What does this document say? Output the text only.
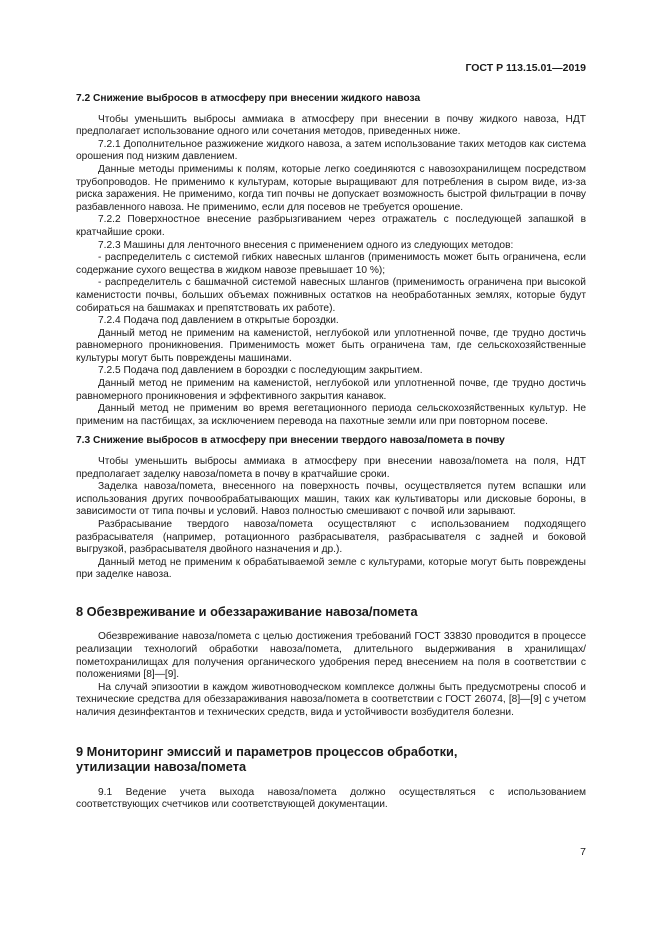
ГОСТ Р 113.15.01—2019
7.2 Снижение выбросов в атмосферу при внесении жидкого навоза

Чтобы уменьшить выбросы аммиака в атмосферу при внесении в почву жидкого навоза, НДТ предполагает использование одного или сочетания методов, приведенных ниже.

7.2.1 Дополнительное разжижение жидкого навоза, а затем использование таких методов как система орошения под низким давлением.

Данные методы применимы к полям, которые легко соединяются с навозохранилищем посредством трубопроводов. Не применимо к культурам, которые выращивают для потребления в сыром виде, из-за риска заражения. Не применимо, когда тип почвы не допускает возможность быстрой фильтрации в почву разбавленного навоза. Не применимо, если для посевов не требуется орошение.

7.2.2 Поверхностное внесение разбрызгиванием через отражатель с последующей запашкой в кратчайшие сроки.

7.2.3 Машины для ленточного внесения с применением одного из следующих методов:

- распределитель с системой гибких навесных шлангов (применимость может быть ограничена, если содержание сухого вещества в жидком навозе превышает 10 %);

- распределитель с башмачной системой навесных шлангов (применимость ограничена при высокой каменистости почвы, больших объемах пожнивных остатков на необработанных землях, которые будут собираться на башмаках и препятствовать их работе).

7.2.4 Подача под давлением в открытые бороздки.

Данный метод не применим на каменистой, неглубокой или уплотненной почве, где трудно достичь равномерного проникновения. Применимость может быть ограничена там, где сельскохозяйственные культуры могут быть повреждены машинами.

7.2.5 Подача под давлением в бороздки с последующим закрытием.

Данный метод не применим на каменистой, неглубокой или уплотненной почве, где трудно достичь равномерного проникновения и эффективного закрытия канавок.

Данный метод не применим во время вегетационного периода сельскохозяйственных культур. Не применим на пастбищах, за исключением перевода на пахотные земли или при повторном посеве.

7.3 Снижение выбросов в атмосферу при внесении твердого навоза/помета в почву

Чтобы уменьшить выбросы аммиака в атмосферу при внесении навоза/помета на поля, НДТ предполагает заделку навоза/помета в почву в кратчайшие сроки.

Заделка навоза/помета, внесенного на поверхность почвы, осуществляется путем вспашки или использования других почвообрабатывающих машин, таких как культиваторы или дисковые бороны, в зависимости от типа почвы и условий. Навоз полностью смешивают с почвой или зарывают.

Разбрасывание твердого навоза/помета осуществляют с использованием подходящего разбрасывателя (например, ротационного разбрасывателя, разбрасывателя с задней и боковой выгрузкой, разбрасывателя двойного назначения и др.).

Данный метод не применим к обрабатываемой земле с культурами, которые могут быть повреждены при заделке навоза.

8 Обезвреживание и обеззараживание навоза/помета

Обезвреживание навоза/помета с целью достижения требований ГОСТ 33830 проводится в процессе реализации технологий обработки навоза/помета, длительного выдерживания в хранилищах/пометохранилищах для получения органического удобрения перед внесением на поля в соответствии с положениями [8]—[9].

На случай эпизоотии в каждом животноводческом комплексе должны быть предусмотрены способ и технические средства для обеззараживания навоза/помета в соответствии с ГОСТ 26074, [8]—[9] с учетом наличия дезинфектантов и технических средств, вида и устойчивости возбудителя болезни.

9 Мониторинг эмиссий и параметров процессов обработки,
утилизации навоза/помета

9.1 Ведение учета выхода навоза/помета должно осуществляться с использованием соответствующих счетчиков или соответствующей документации.

7
